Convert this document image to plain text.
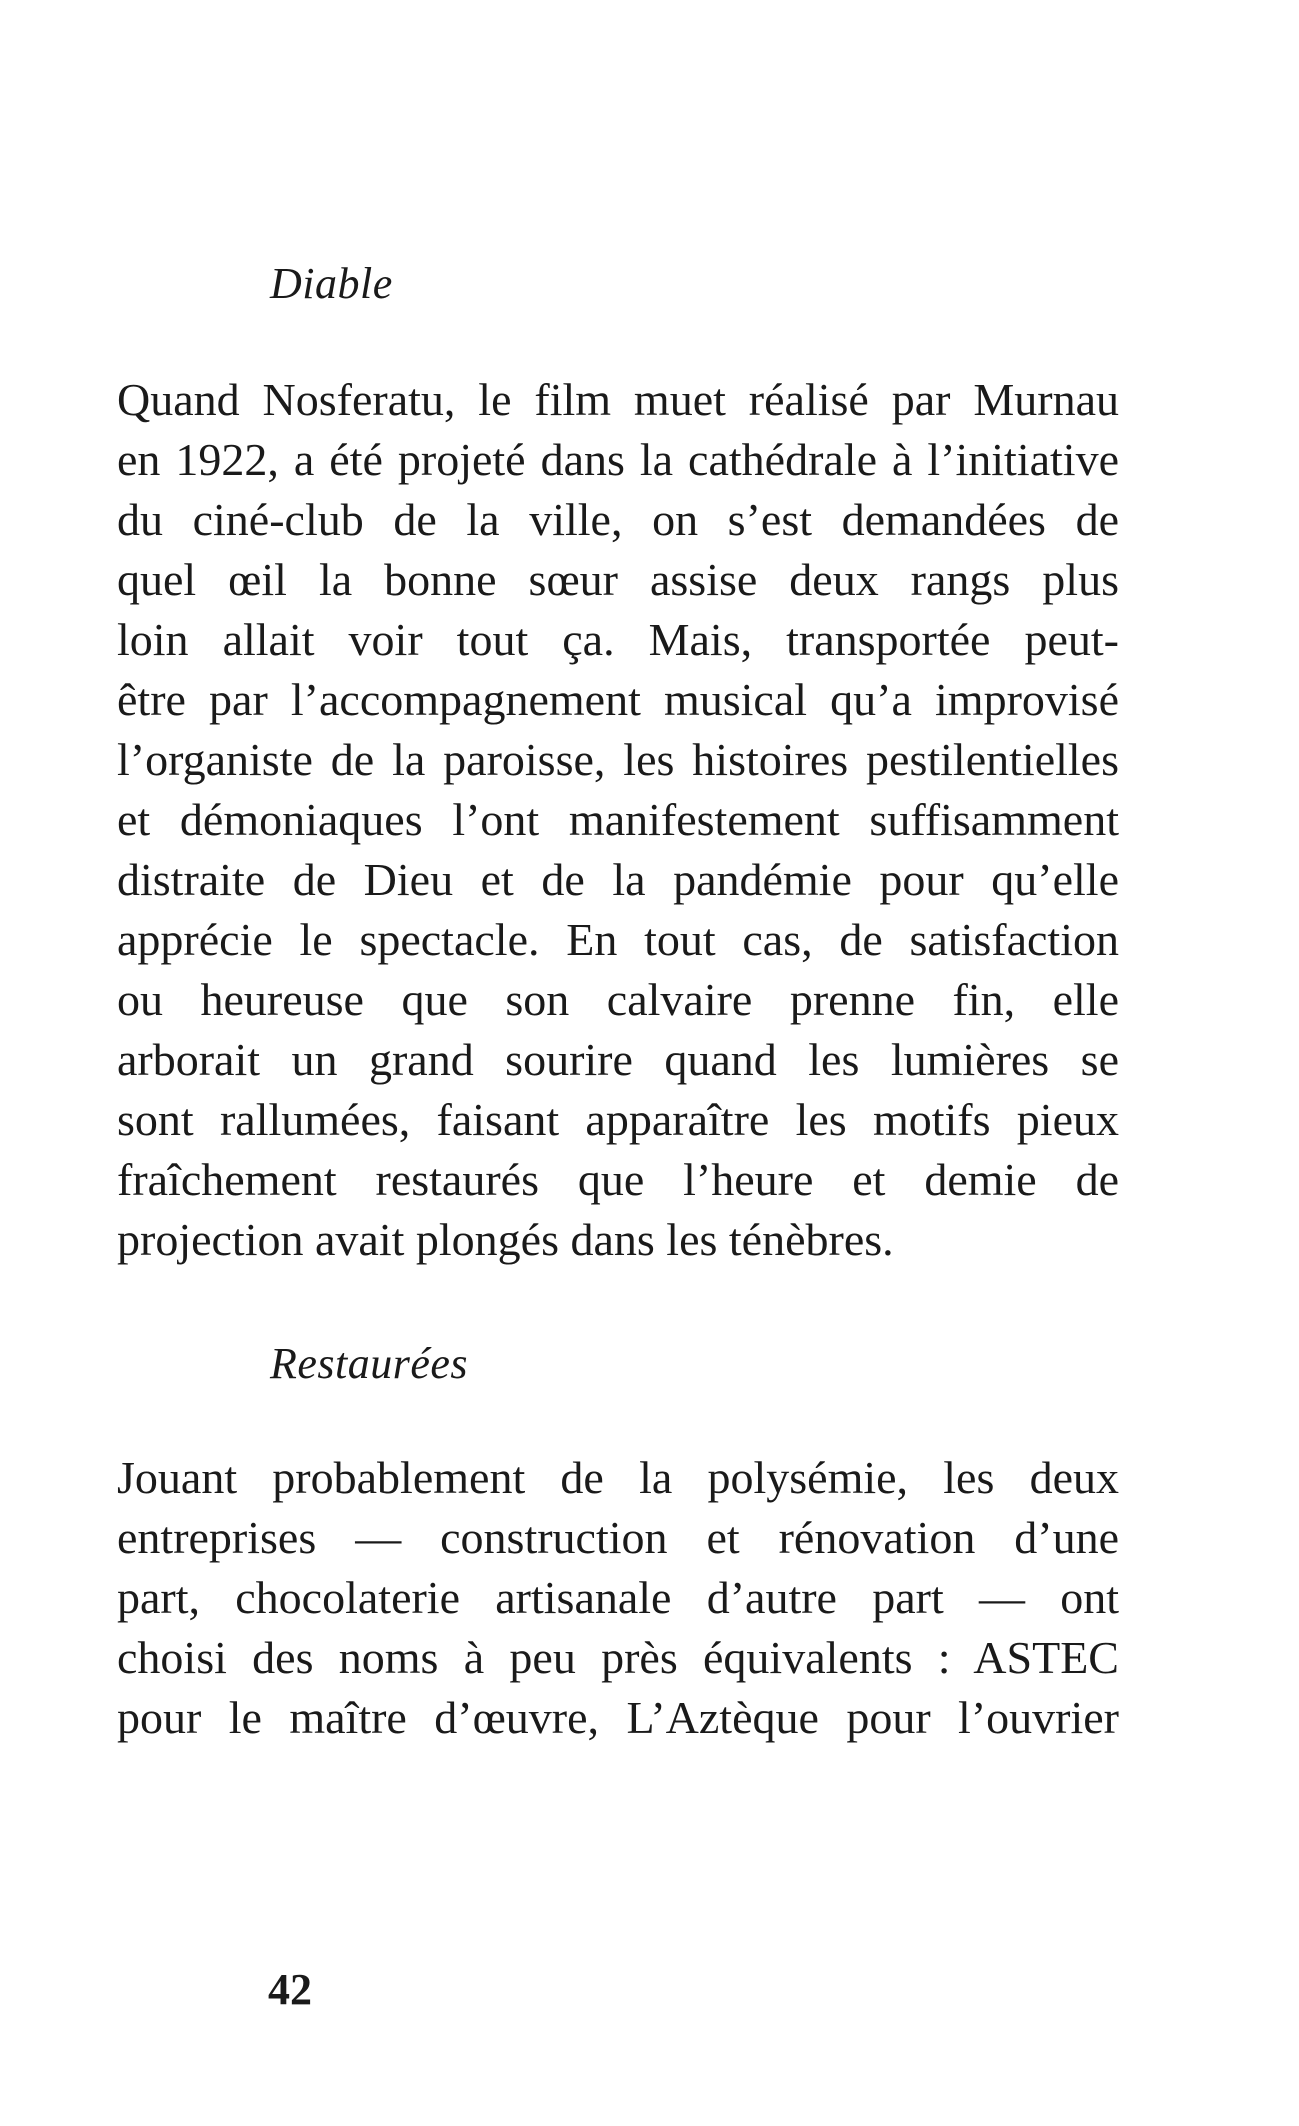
Diable
Quand Nosferatu, le film muet réalisé par Murnau
en 1922, a été projeté dans la cathédrale à l’initiative
du ciné-club de la ville, on s’est demandées de
quel œil la bonne sœur assise deux rangs plus
loin allait voir tout ça. Mais, transportée peut-
être par l’accompagnement musical qu’a improvisé
l’organiste de la paroisse, les histoires pestilentielles
et démoniaques l’ont manifestement suffisamment
distraite de Dieu et de la pandémie pour qu’elle
apprécie le spectacle. En tout cas, de satisfaction
ou heureuse que son calvaire prenne fin, elle
arborait un grand sourire quand les lumières se
sont rallumées, faisant apparaître les motifs pieux
fraîchement restaurés que l’heure et demie de
projection avait plongés dans les ténèbres.
Restaurées
Jouant probablement de la polysémie, les deux
entreprises — construction et rénovation d’une
part, chocolaterie artisanale d’autre part — ont
choisi des noms à peu près équivalents : ASTEC
pour le maître d’œuvre, L’Aztèque pour l’ouvrier

42
